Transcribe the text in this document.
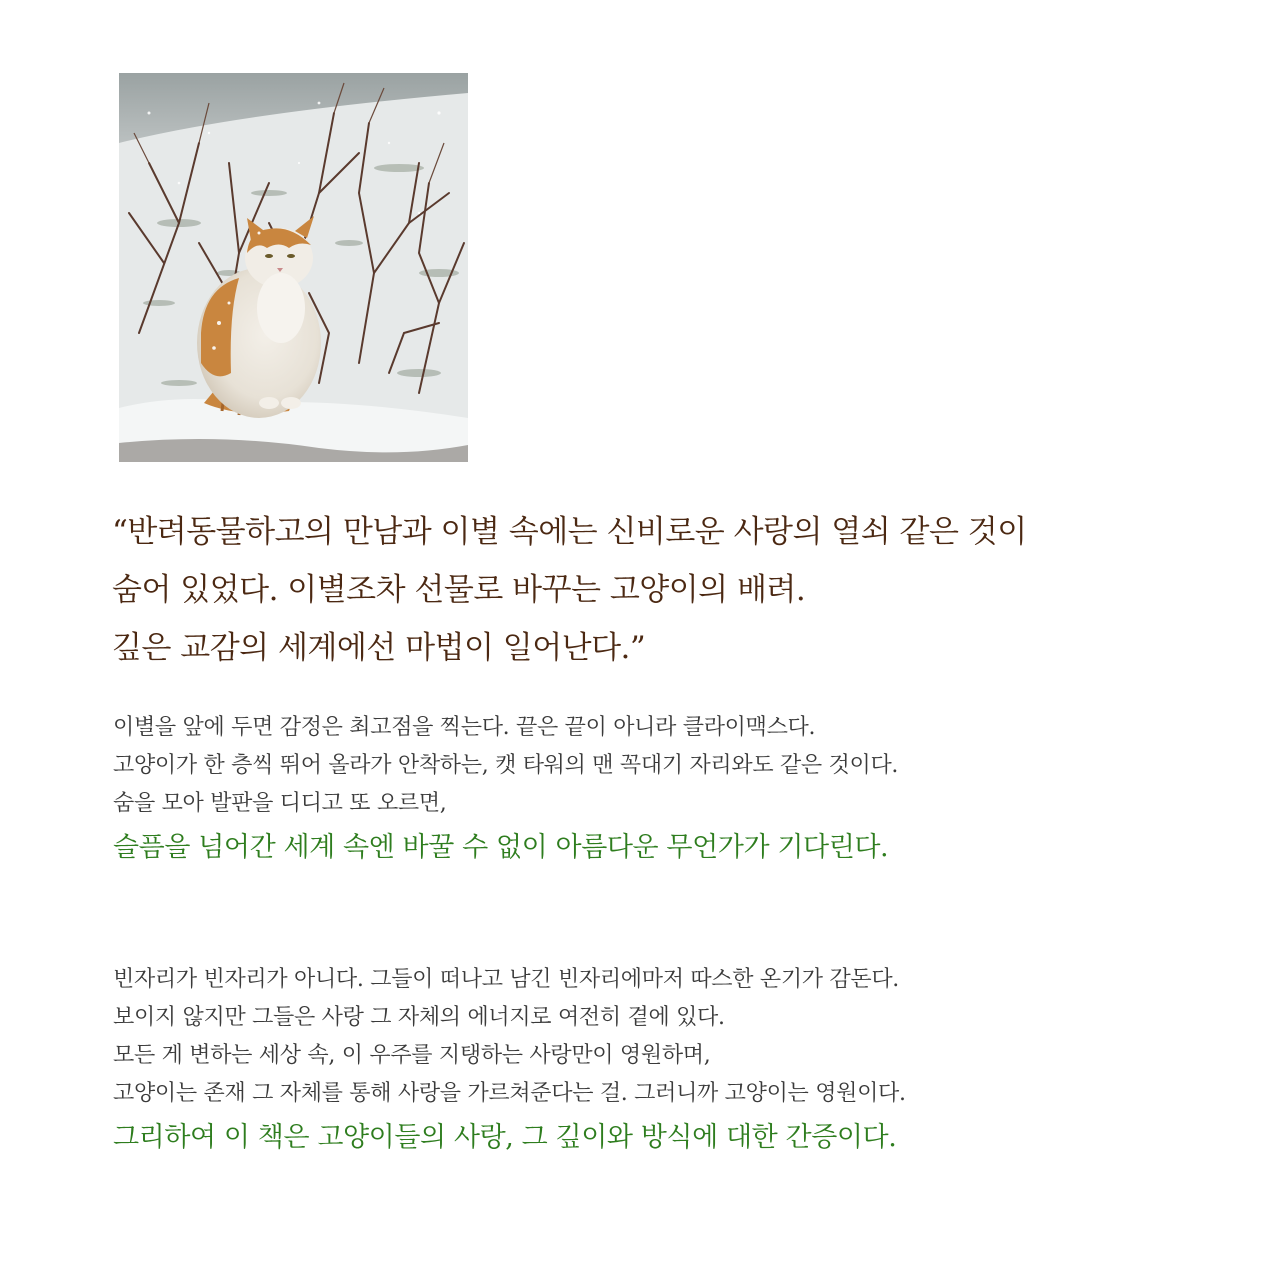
“반려동물하고의 만남과 이별 속에는 신비로운 사랑의 열쇠 같은 것이
숨어 있었다. 이별조차 선물로 바꾸는 고양이의 배려.
깊은 교감의 세계에선 마법이 일어난다.”
이별을 앞에 두면 감정은 최고점을 찍는다. 끝은 끝이 아니라 클라이맥스다.
고양이가 한 층씩 뛰어 올라가 안착하는, 캣 타워의 맨 꼭대기 자리와도 같은 것이다.
숨을 모아 발판을 디디고 또 오르면,
슬픔을 넘어간 세계 속엔 바꿀 수 없이 아름다운 무언가가 기다린다.
빈자리가 빈자리가 아니다. 그들이 떠나고 남긴 빈자리에마저 따스한 온기가 감돈다.
보이지 않지만 그들은 사랑 그 자체의 에너지로 여전히 곁에 있다.
모든 게 변하는 세상 속, 이 우주를 지탱하는 사랑만이 영원하며,
고양이는 존재 그 자체를 통해 사랑을 가르쳐준다는 걸. 그러니까 고양이는 영원이다.
그리하여 이 책은 고양이들의 사랑, 그 깊이와 방식에 대한 간증이다.
